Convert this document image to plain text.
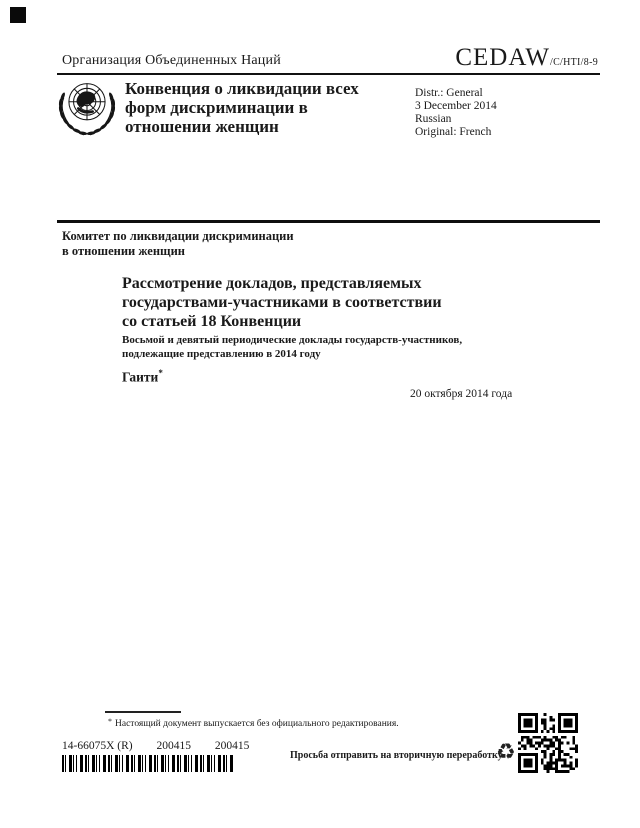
Организация Объединенных Наций	CEDAW/C/HTI/8-9
Конвенция о ликвидации всех
форм дискриминации в
отношении женщин
Distr.: General
3 December 2014
Russian
Original: French
Комитет по ликвидации дискриминации
в отношении женщин
Рассмотрение докладов, представляемых
государствами-участниками в соответствии
со статьей 18 Конвенции
Восьмой и девятый периодические доклады государств-участников,
подлежащие представлению в 2014 году
Гаити*
20 октября 2014 года
* Настоящий документ выпускается без официального редактирования.
14-66075X (R) 200415 200415
Просьба отправить на вторичную переработку
♻
